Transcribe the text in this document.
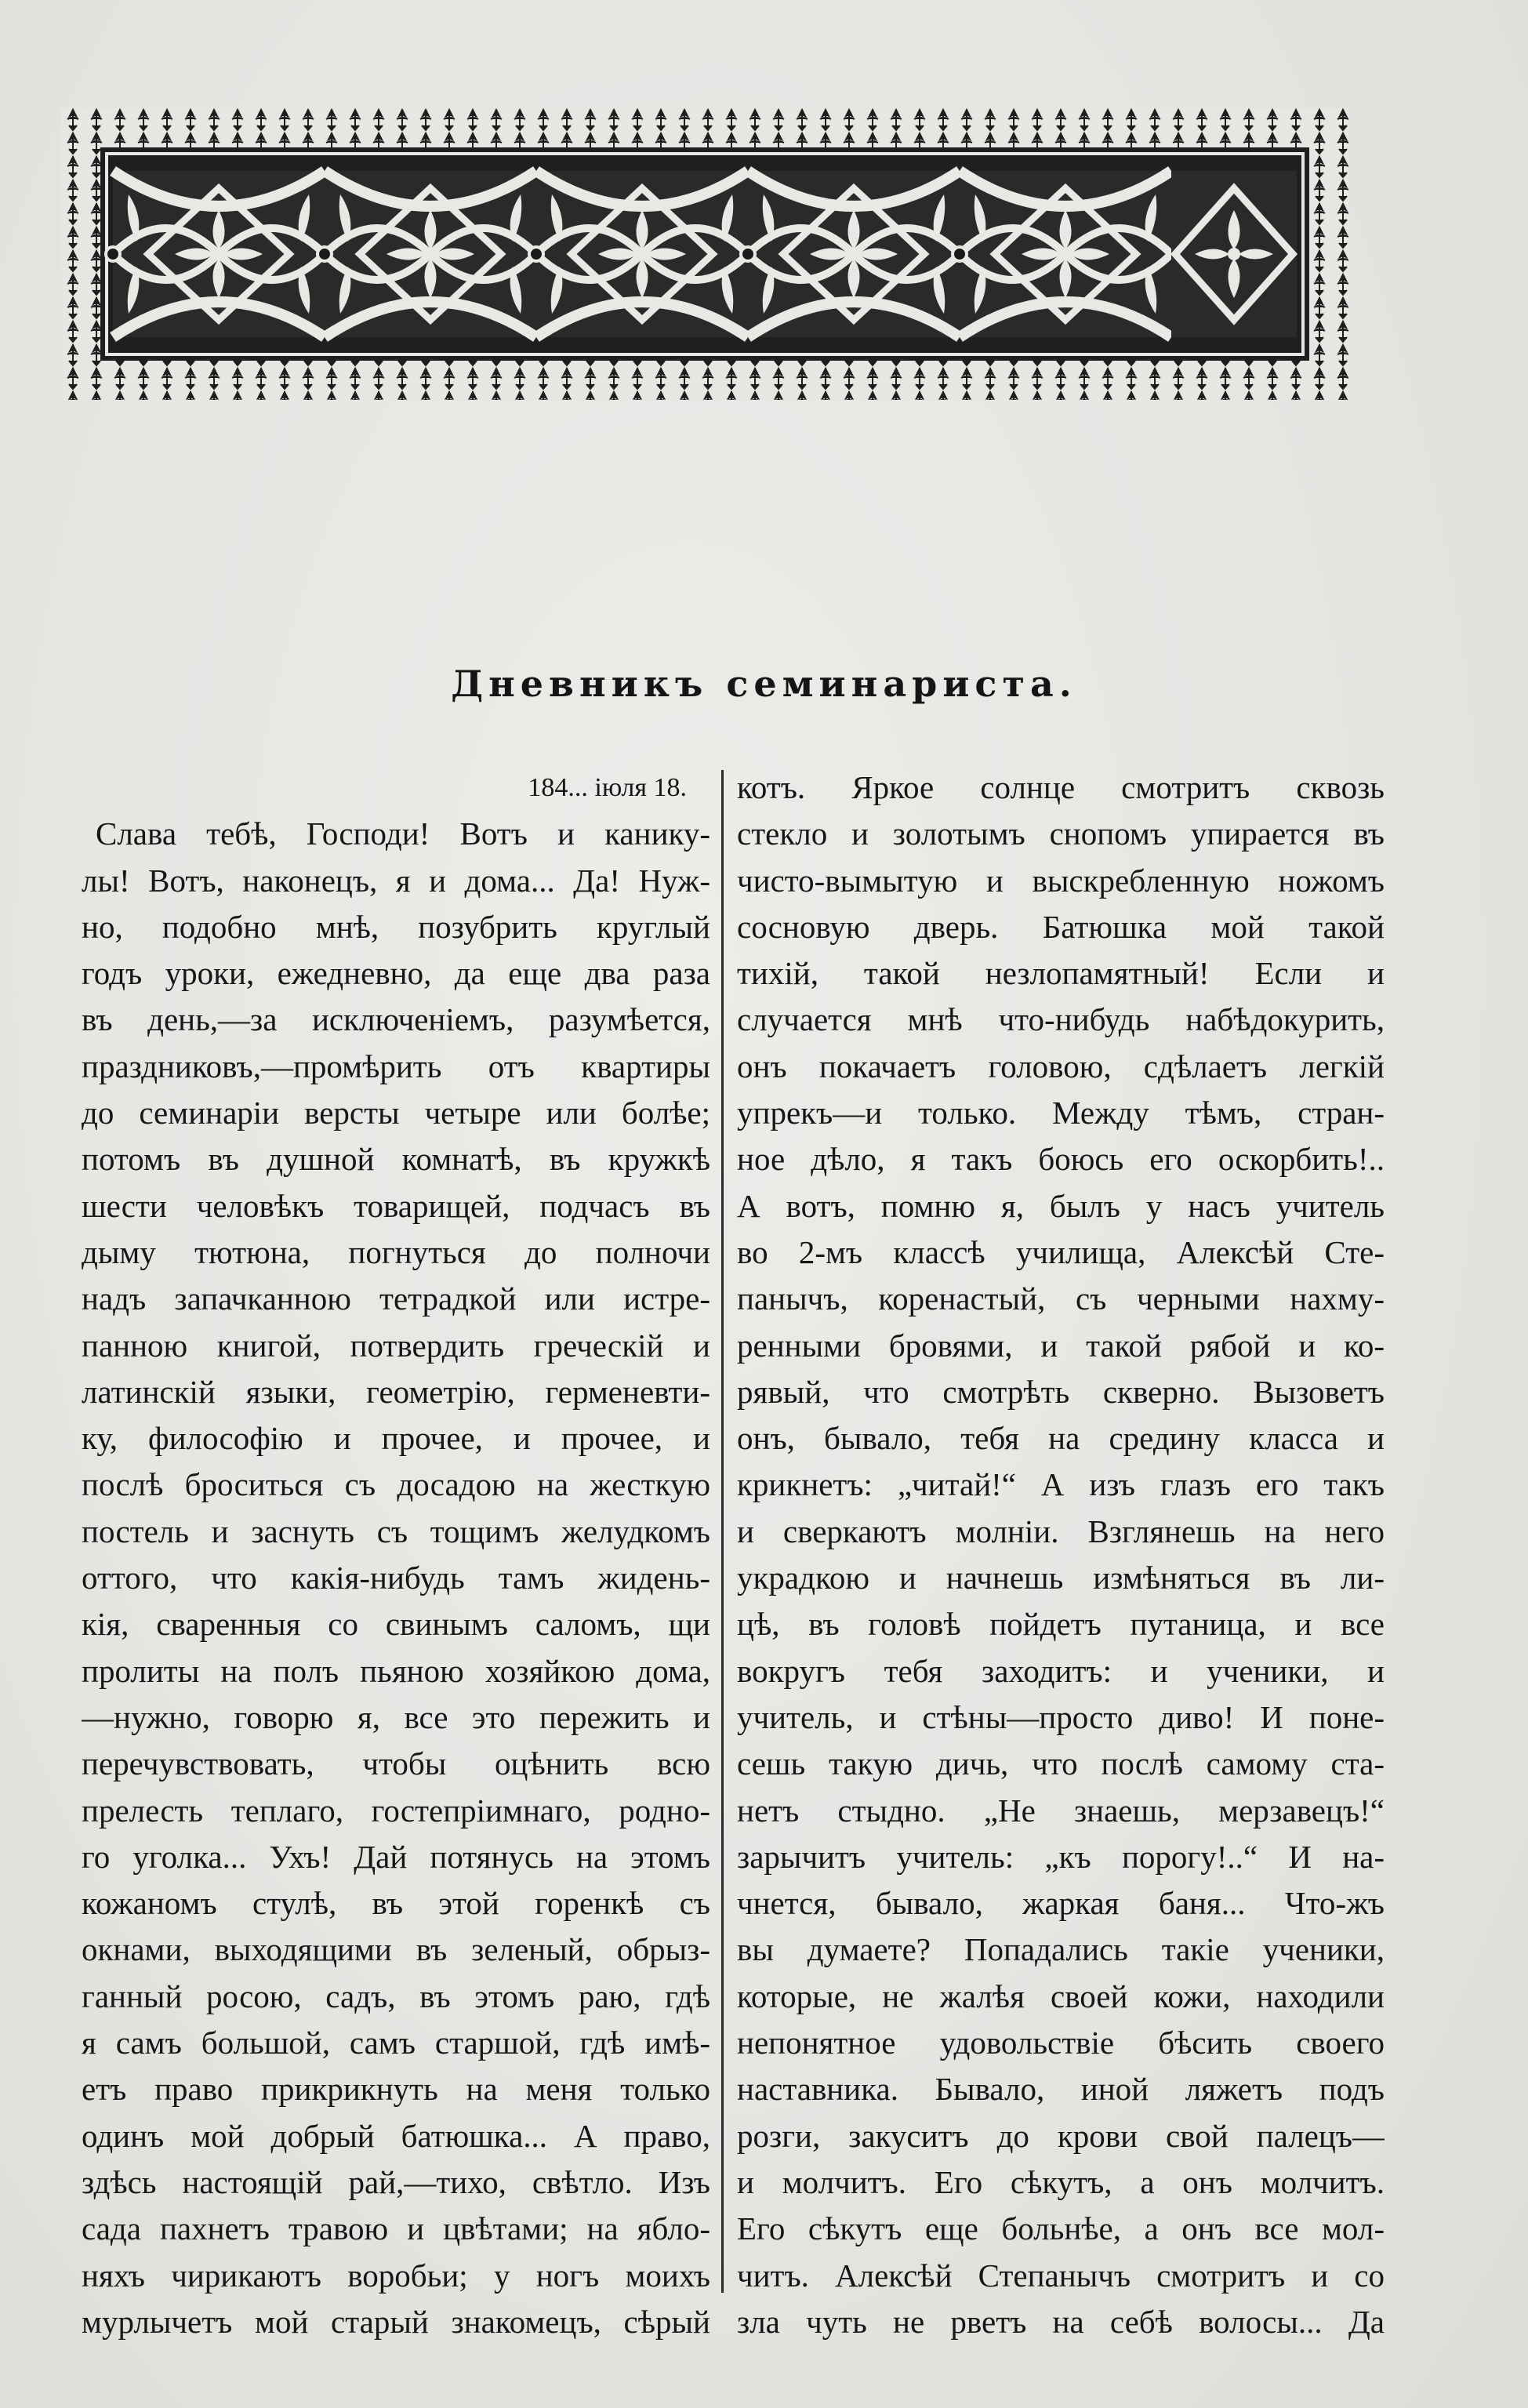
Дневникъ семинариста.
184... іюля 18.
Слава тебѣ, Господи! Вотъ и канику-
лы! Вотъ, наконецъ, я и дома... Да! Нуж-
но, подобно мнѣ, позубрить круглый
годъ уроки, ежедневно, да еще два раза
въ день,—за исключеніемъ, разумѣется,
праздниковъ,—промѣрить отъ квартиры
до семинаріи версты четыре или болѣе;
потомъ въ душной комнатѣ, въ кружкѣ
шести человѣкъ товарищей, подчасъ въ
дыму тютюна, погнуться до полночи
надъ запачканною тетрадкой или истре-
панною книгой, потвердить греческій и
латинскій языки, геометрію, герменевти-
ку, философію и прочее, и прочее, и
послѣ броситься съ досадою на жесткую
постель и заснуть съ тощимъ желудкомъ
оттого, что какія-нибудь тамъ жидень-
кія, сваренныя со свинымъ саломъ, щи
пролиты на полъ пьяною хозяйкою дома,
—нужно, говорю я, все это пережить и
перечувствовать, чтобы оцѣнить всю
прелесть теплаго, гостепріимнаго, родно-
го уголка... Ухъ! Дай потянусь на этомъ
кожаномъ стулѣ, въ этой горенкѣ съ
окнами, выходящими въ зеленый, обрыз-
ганный росою, садъ, въ этомъ раю, гдѣ
я самъ большой, самъ старшой, гдѣ имѣ-
етъ право прикрикнуть на меня только
одинъ мой добрый батюшка... А право,
здѣсь настоящій рай,—тихо, свѣтло. Изъ
сада пахнетъ травою и цвѣтами; на ябло-
няхъ чирикаютъ воробьи; у ногъ моихъ
мурлычетъ мой старый знакомецъ, сѣрый
котъ. Яркое солнце смотритъ сквозь
стекло и золотымъ снопомъ упирается въ
чисто-вымытую и выскребленную ножомъ
сосновую дверь. Батюшка мой такой
тихій, такой незлопамятный! Если и
случается мнѣ что-нибудь набѣдокурить,
онъ покачаетъ головою, сдѣлаетъ легкій
упрекъ—и только. Между тѣмъ, стран-
ное дѣло, я такъ боюсь его оскорбить!..
А вотъ, помню я, былъ у насъ учитель
во 2-мъ классѣ училища, Алексѣй Сте-
панычъ, коренастый, съ черными нахму-
ренными бровями, и такой рябой и ко-
рявый, что смотрѣть скверно. Вызоветъ
онъ, бывало, тебя на средину класса и
крикнетъ: „читай!“ А изъ глазъ его такъ
и сверкаютъ молніи. Взглянешь на него
украдкою и начнешь измѣняться въ ли-
цѣ, въ головѣ пойдетъ путаница, и все
вокругъ тебя заходитъ: и ученики, и
учитель, и стѣны—просто диво! И поне-
сешь такую дичь, что послѣ самому ста-
нетъ стыдно. „Не знаешь, мерзавецъ!“
зарычитъ учитель: „къ порогу!..“ И на-
чнется, бывало, жаркая баня... Что-жъ
вы думаете? Попадались такіе ученики,
которые, не жалѣя своей кожи, находили
непонятное удовольствіе бѣсить своего
наставника. Бывало, иной ляжетъ подъ
розги, закуситъ до крови свой палецъ—
и молчитъ. Его сѣкутъ, а онъ молчитъ.
Его сѣкутъ еще больнѣе, а онъ все мол-
читъ. Алексѣй Степанычъ смотритъ и со
зла чуть не рветъ на себѣ волосы... Да
